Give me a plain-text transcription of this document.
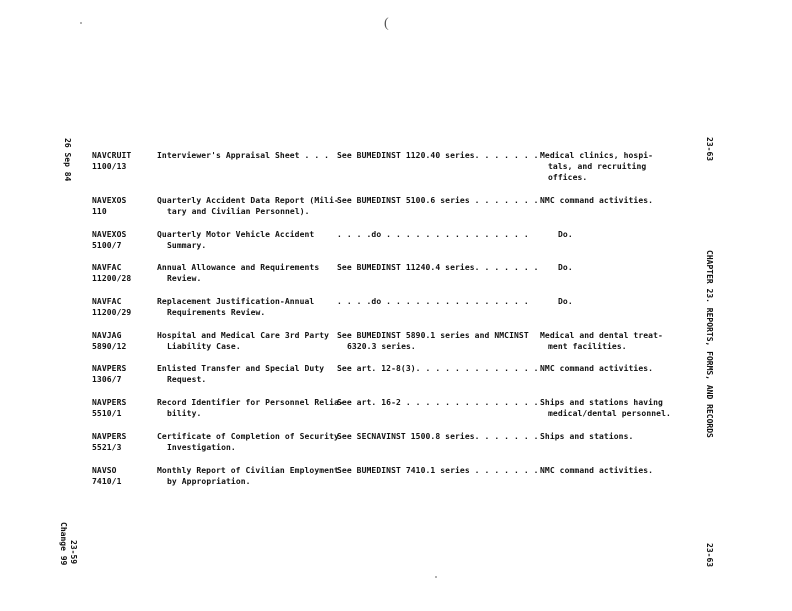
(
26 Sep 84
23-59
Change 99
23-63
CHAPTER 23. REPORTS, FORMS, AND RECORDS
23-63
NAVCRUIT
1100/13
Interviewer's Appraisal Sheet . . . See BUMEDINST 1120.40 series. . . . . . . Medical clinics, hospi-
tals, and recruiting
offices.
NAVEXOS
110
Quarterly Accident Data Report (Mili-
tary and Civilian Personnel).
See BUMEDINST 5100.6 series . . . . . . . NMC command activities.
NAVEXOS
5100/7
Quarterly Motor Vehicle Accident
Summary.
. . . .do . . . . . . . . . . . . . . .	Do.
NAVFAC
11200/28
Annual Allowance and Requirements
Review.
See BUMEDINST 11240.4 series. . . . . . . Do.
NAVFAC
11200/29
Replacement Justification-Annual
Requirements Review.
. . . .do . . . . . . . . . . . . . . .	Do.
NAVJAG
5890/12
Hospital and Medical Care 3rd Party
Liability Case.
See BUMEDINST 5890.1 series and NMCINST
6320.3 series.
Medical and dental treat-
ment facilities.
NAVPERS
1306/7
Enlisted Transfer and Special Duty
Request.
See art. 12-8(3). . . . . . . . . . . . . NMC command activities.
NAVPERS
5510/1
Record Identifier for Personnel Relia-
bility.
See art. 16-2 . . . . . . . . . . . . . . Ships and stations having
medical/dental personnel.
NAVPERS
5521/3
Certificate of Completion of Security
Investigation.
See SECNAVINST 1500.8 series. . . . . . . Ships and stations.
NAVSO
7410/1
Monthly Report of Civilian Employment
by Appropriation.
See BUMEDINST 7410.1 series . . . . . . . NMC command activities.
